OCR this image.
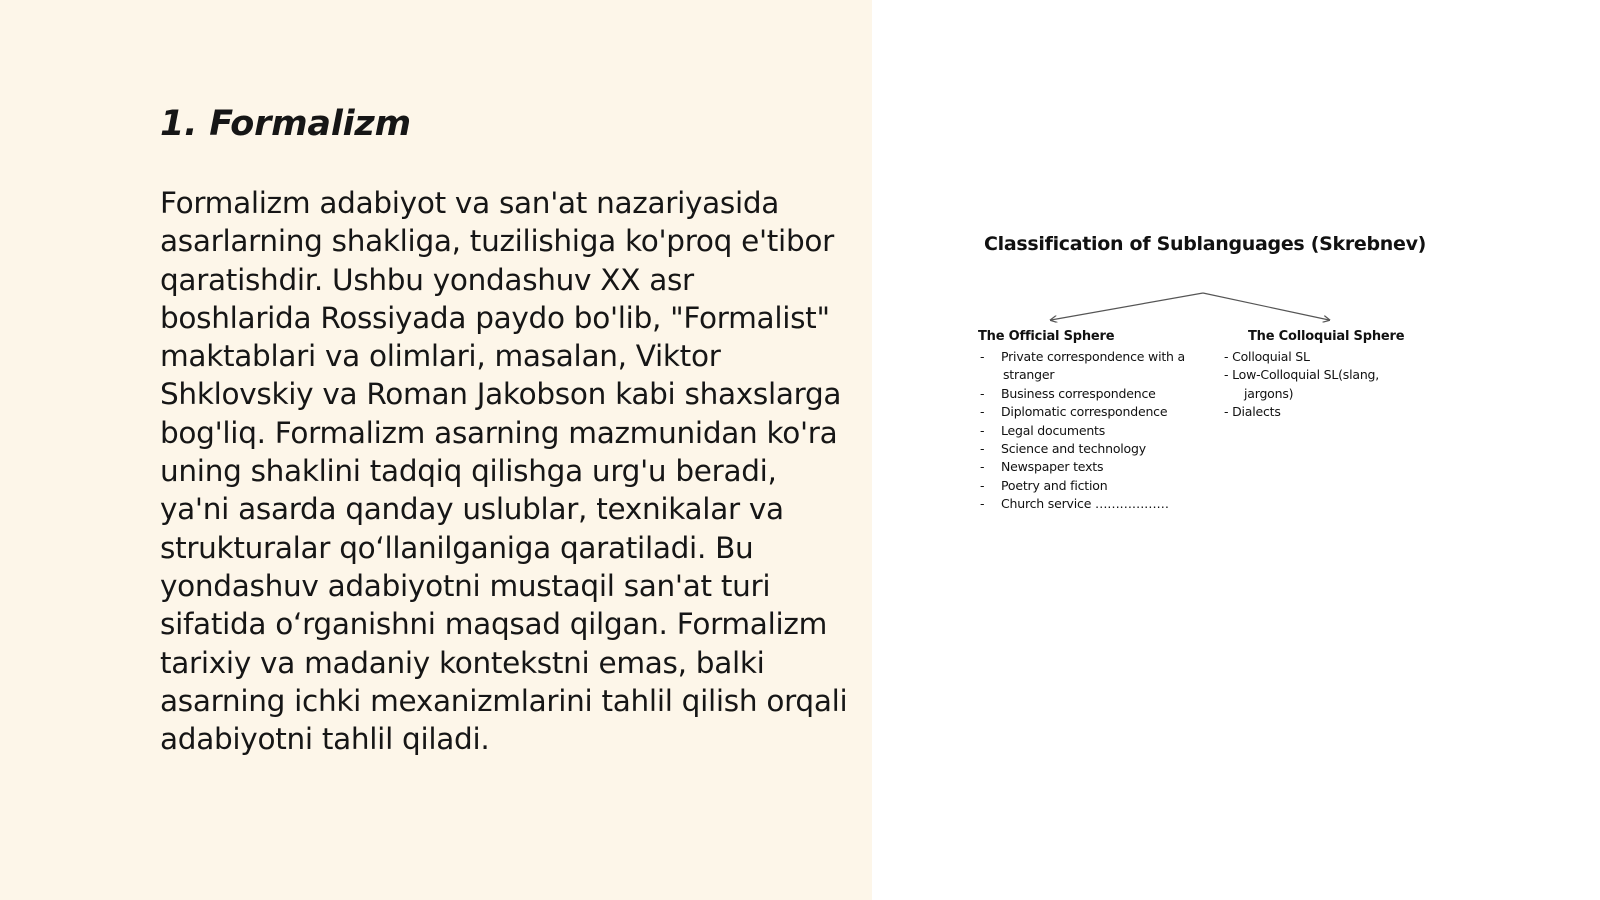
1. Formalizm

Formalizm adabiyot va san'at nazariyasida asarlarning shakliga, tuzilishiga ko'proq e'tibor qaratishdir. Ushbu yondashuv XX asr boshlarida Rossiyada paydo bo'lib, "Formalist" maktablari va olimlari, masalan, Viktor Shklovskiy va Roman Jakobson kabi shaxslarga bog'liq. Formalizm asarning mazmunidan ko'ra uning shaklini tadqiq qilishga urg'u beradi, ya'ni asarda qanday uslublar, texnikalar va strukturalar qo‘llanilganiga qaratiladi. Bu yondashuv adabiyotni mustaqil san'at turi sifatida o‘rganishni maqsad qilgan. Formalizm tarixiy va madaniy kontekstni emas, balki asarning ichki mexanizmlarini tahlil qilish orqali adabiyotni tahlil qiladi.

Classification of Sublanguages (Skrebnev)
The Official Sphere	The Colloquial Sphere
- Private correspondence with a
stranger
- Business correspondence
- Diplomatic correspondence
- Legal documents
- Science and technology
- Newspaper texts
- Poetry and fiction
- Church service ………………
- Colloquial SL
- Low-Colloquial SL(slang,
jargons)
- Dialects
